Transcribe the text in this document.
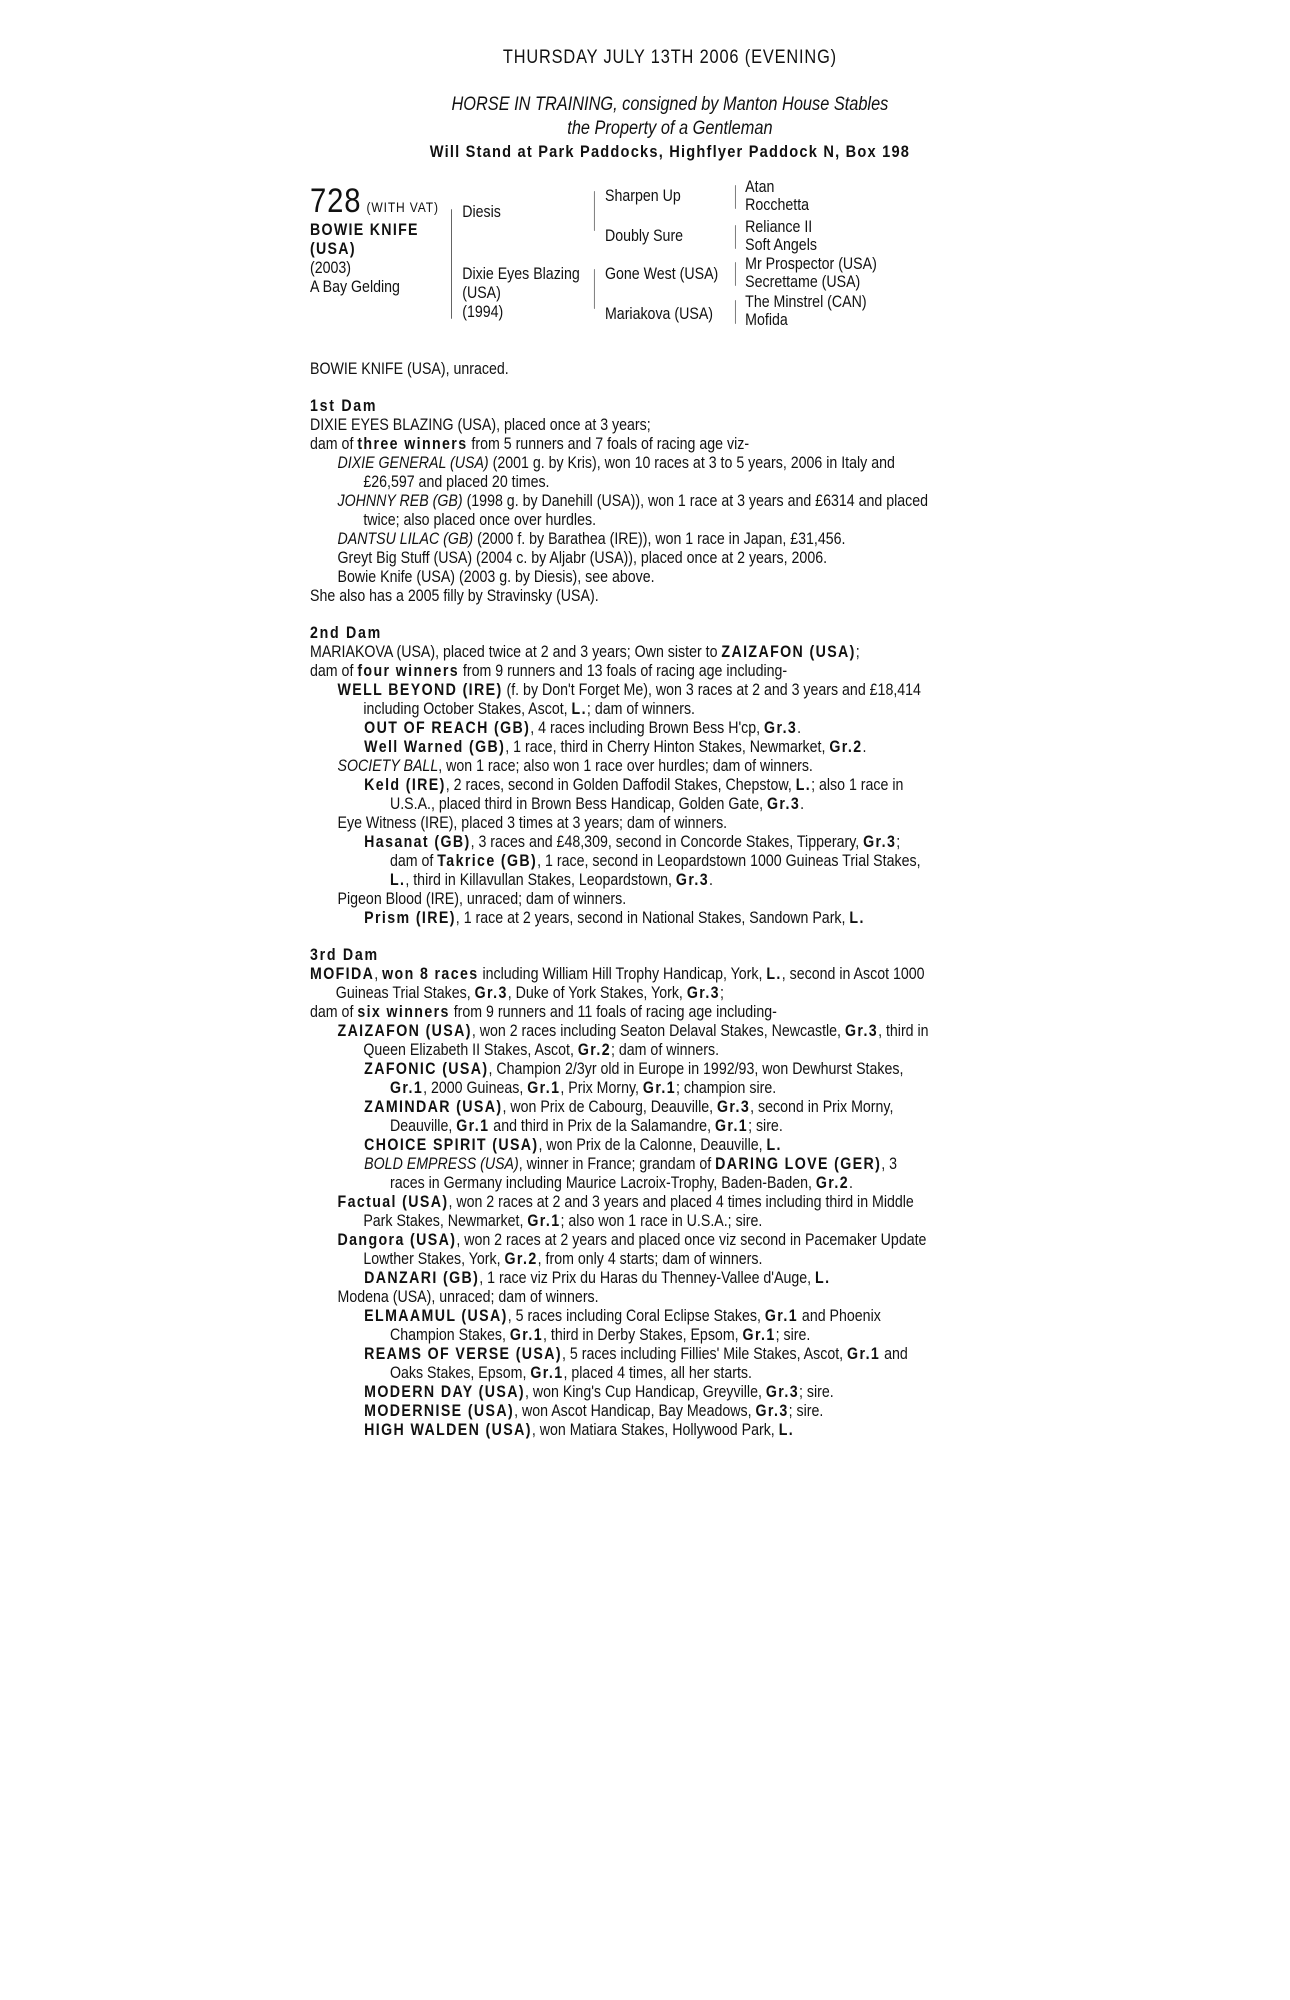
THURSDAY JULY 13TH 2006 (EVENING)
HORSE IN TRAINING, consigned by Manton House Stables
the Property of a Gentleman
Will Stand at Park Paddocks, Highflyer Paddock N, Box 198
728 (WITH VAT)
BOWIE KNIFE
(USA)
(2003)
A Bay Gelding
Diesis
Dixie Eyes Blazing
(USA)
(1994)
Sharpen Up
Doubly Sure
Gone West (USA)
Mariakova (USA)
Atan
Rocchetta
Reliance II
Soft Angels
Mr Prospector (USA)
Secrettame (USA)
The Minstrel (CAN)
Mofida

BOWIE KNIFE (USA), unraced.

1st Dam

DIXIE EYES BLAZING (USA), placed once at 3 years;

dam of three winners from 5 runners and 7 foals of racing age viz-

DIXIE GENERAL (USA) (2001 g. by Kris), won 10 races at 3 to 5 years, 2006 in Italy and £26,597 and placed 20 times.

JOHNNY REB (GB) (1998 g. by Danehill (USA)), won 1 race at 3 years and £6314 and placed twice; also placed once over hurdles.

DANTSU LILAC (GB) (2000 f. by Barathea (IRE)), won 1 race in Japan, £31,456.

Greyt Big Stuff (USA) (2004 c. by Aljabr (USA)), placed once at 2 years, 2006.

Bowie Knife (USA) (2003 g. by Diesis), see above.

She also has a 2005 filly by Stravinsky (USA).

2nd Dam

MARIAKOVA (USA), placed twice at 2 and 3 years; Own sister to ZAIZAFON (USA);

dam of four winners from 9 runners and 13 foals of racing age including-

WELL BEYOND (IRE) (f. by Don't Forget Me), won 3 races at 2 and 3 years and £18,414 including October Stakes, Ascot, L.; dam of winners.

OUT OF REACH (GB), 4 races including Brown Bess H'cp, Gr.3.

Well Warned (GB), 1 race, third in Cherry Hinton Stakes, Newmarket, Gr.2.

SOCIETY BALL, won 1 race; also won 1 race over hurdles; dam of winners.

Keld (IRE), 2 races, second in Golden Daffodil Stakes, Chepstow, L.; also 1 race in U.S.A., placed third in Brown Bess Handicap, Golden Gate, Gr.3.

Eye Witness (IRE), placed 3 times at 3 years; dam of winners.

Hasanat (GB), 3 races and £48,309, second in Concorde Stakes, Tipperary, Gr.3; dam of Takrice (GB), 1 race, second in Leopardstown 1000 Guineas Trial Stakes, L., third in Killavullan Stakes, Leopardstown, Gr.3.

Pigeon Blood (IRE), unraced; dam of winners.

Prism (IRE), 1 race at 2 years, second in National Stakes, Sandown Park, L.

3rd Dam

MOFIDA, won 8 races including William Hill Trophy Handicap, York, L., second in Ascot 1000 Guineas Trial Stakes, Gr.3, Duke of York Stakes, York, Gr.3;

dam of six winners from 9 runners and 11 foals of racing age including-

ZAIZAFON (USA), won 2 races including Seaton Delaval Stakes, Newcastle, Gr.3, third in Queen Elizabeth II Stakes, Ascot, Gr.2; dam of winners.

ZAFONIC (USA), Champion 2/3yr old in Europe in 1992/93, won Dewhurst Stakes, Gr.1, 2000 Guineas, Gr.1, Prix Morny, Gr.1; champion sire.

ZAMINDAR (USA), won Prix de Cabourg, Deauville, Gr.3, second in Prix Morny, Deauville, Gr.1 and third in Prix de la Salamandre, Gr.1; sire.

CHOICE SPIRIT (USA), won Prix de la Calonne, Deauville, L.

BOLD EMPRESS (USA), winner in France; grandam of DARING LOVE (GER), 3 races in Germany including Maurice Lacroix-Trophy, Baden-Baden, Gr.2.

Factual (USA), won 2 races at 2 and 3 years and placed 4 times including third in Middle Park Stakes, Newmarket, Gr.1; also won 1 race in U.S.A.; sire.

Dangora (USA), won 2 races at 2 years and placed once viz second in Pacemaker Update Lowther Stakes, York, Gr.2, from only 4 starts; dam of winners.

DANZARI (GB), 1 race viz Prix du Haras du Thenney-Vallee d'Auge, L.

Modena (USA), unraced; dam of winners.

ELMAAMUL (USA), 5 races including Coral Eclipse Stakes, Gr.1 and Phoenix Champion Stakes, Gr.1, third in Derby Stakes, Epsom, Gr.1; sire.

REAMS OF VERSE (USA), 5 races including Fillies' Mile Stakes, Ascot, Gr.1 and Oaks Stakes, Epsom, Gr.1, placed 4 times, all her starts.

MODERN DAY (USA), won King's Cup Handicap, Greyville, Gr.3; sire.

MODERNISE (USA), won Ascot Handicap, Bay Meadows, Gr.3; sire.

HIGH WALDEN (USA), won Matiara Stakes, Hollywood Park, L.
